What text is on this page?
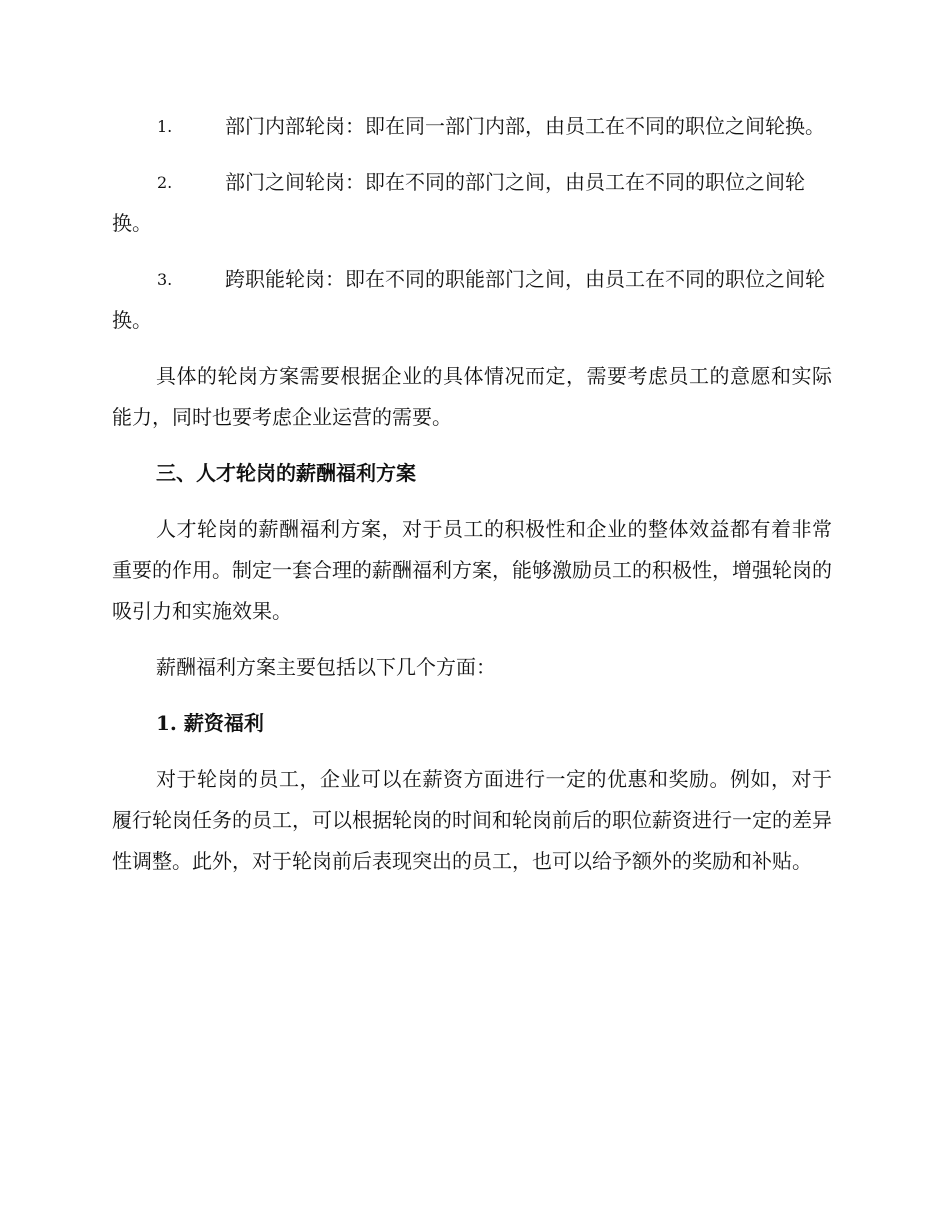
1.	部门内部轮岗：即在同一部门内部，由员工在不同的职位之间轮换。
2.	部门之间轮岗：即在不同的部门之间，由员工在不同的职位之间轮换。
3.	跨职能轮岗：即在不同的职能部门之间，由员工在不同的职位之间轮换。

具体的轮岗方案需要根据企业的具体情况而定，需要考虑员工的意愿和实际能力，同时也要考虑企业运营的需要。

三、人才轮岗的薪酬福利方案

人才轮岗的薪酬福利方案，对于员工的积极性和企业的整体效益都有着非常重要的作用。制定一套合理的薪酬福利方案，能够激励员工的积极性，增强轮岗的吸引力和实施效果。

薪酬福利方案主要包括以下几个方面：

1. 薪资福利

对于轮岗的员工，企业可以在薪资方面进行一定的优惠和奖励。例如，对于履行轮岗任务的员工，可以根据轮岗的时间和轮岗前后的职位薪资进行一定的差异性调整。此外，对于轮岗前后表现突出的员工，也可以给予额外的奖励和补贴。
